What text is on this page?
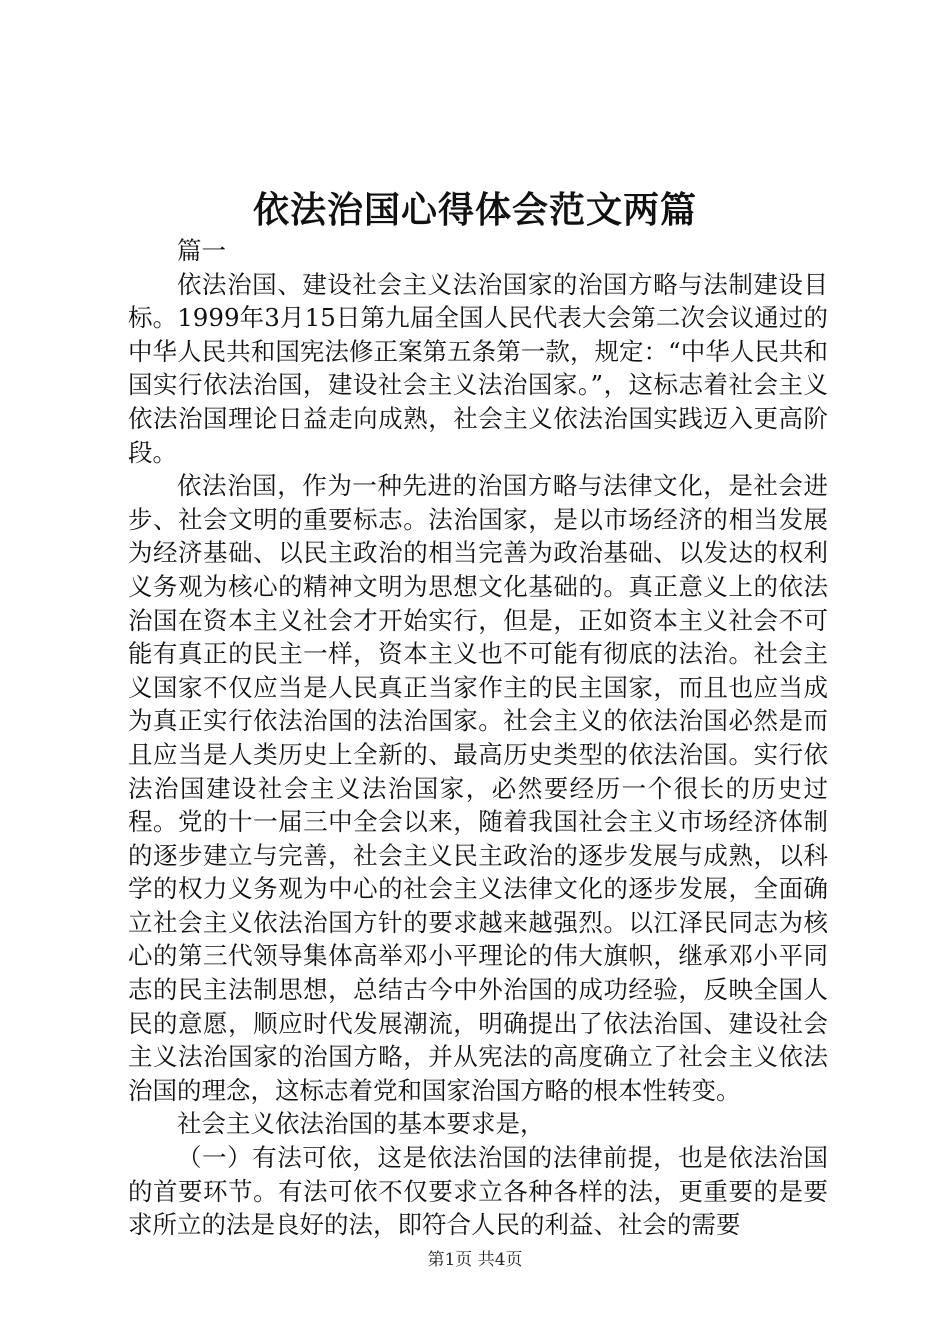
依法治国心得体会范文两篇

篇一

依法治国、建设社会主义法治国家的治国方略与法制建设目标。1999年3月15日第九届全国人民代表大会第二次会议通过的中华人民共和国宪法修正案第五条第一款，规定：“中华人民共和国实行依法治国，建设社会主义法治国家。”，这标志着社会主义依法治国理论日益走向成熟，社会主义依法治国实践迈入更高阶段。

依法治国，作为一种先进的治国方略与法律文化，是社会进步、社会文明的重要标志。法治国家，是以市场经济的相当发展为经济基础、以民主政治的相当完善为政治基础、以发达的权利义务观为核心的精神文明为思想文化基础的。真正意义上的依法治国在资本主义社会才开始实行，但是，正如资本主义社会不可能有真正的民主一样，资本主义也不可能有彻底的法治。社会主义国家不仅应当是人民真正当家作主的民主国家，而且也应当成为真正实行依法治国的法治国家。社会主义的依法治国必然是而且应当是人类历史上全新的、最高历史类型的依法治国。实行依法治国建设社会主义法治国家，必然要经历一个很长的历史过程。党的十一届三中全会以来，随着我国社会主义市场经济体制的逐步建立与完善，社会主义民主政治的逐步发展与成熟，以科学的权力义务观为中心的社会主义法律文化的逐步发展，全面确立社会主义依法治国方针的要求越来越强烈。以江泽民同志为核心的第三代领导集体高举邓小平理论的伟大旗帜，继承邓小平同志的民主法制思想，总结古今中外治国的成功经验，反映全国人民的意愿，顺应时代发展潮流，明确提出了依法治国、建设社会主义法治国家的治国方略，并从宪法的高度确立了社会主义依法治国的理念，这标志着党和国家治国方略的根本性转变。

社会主义依法治国的基本要求是，

（一）有法可依，这是依法治国的法律前提，也是依法治国的首要环节。有法可依不仅要求立各种各样的法，更重要的是要求所立的法是良好的法，即符合人民的利益、社会的需要

第1页 共4页
